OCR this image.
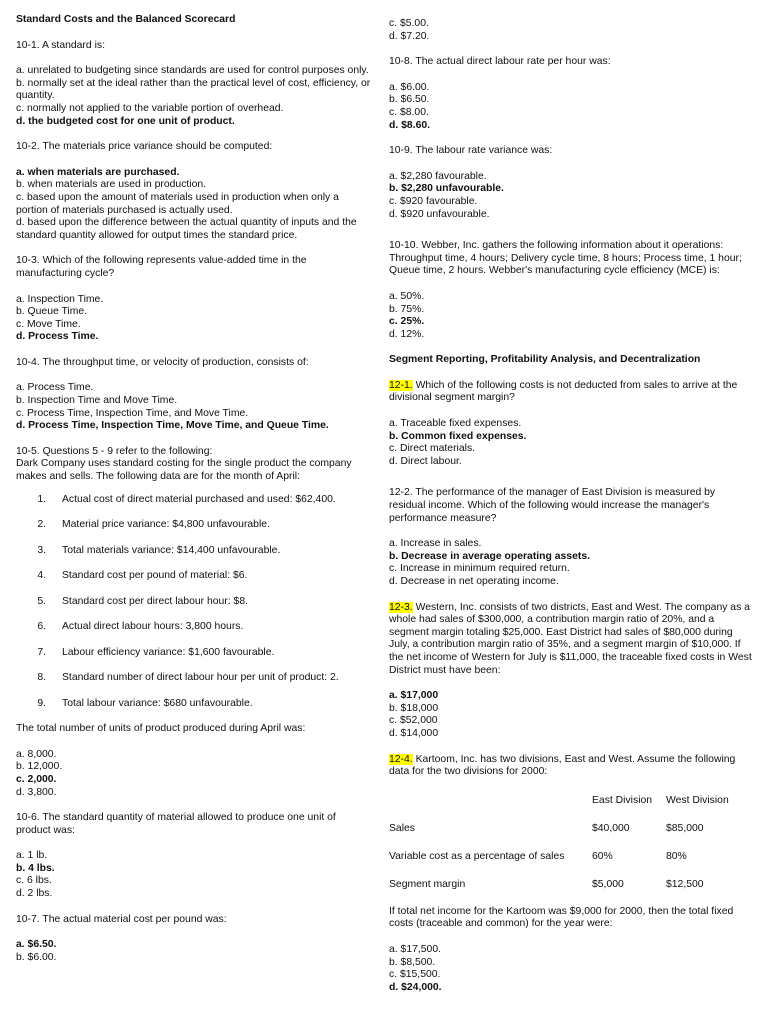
Standard Costs and the Balanced Scorecard

10-1. A standard is:

a. unrelated to budgeting since standards are used for control purposes only.

b. normally set at the ideal rather than the practical level of cost, efficiency, or quantity.

c. normally not applied to the variable portion of overhead.

d. the budgeted cost for one unit of product.

10-2. The materials price variance should be computed:

a. when materials are purchased.

b. when materials are used in production.

c. based upon the amount of materials used in production when only a portion of materials purchased is actually used.

d. based upon the difference between the actual quantity of inputs and the standard quantity allowed for output times the standard price.

10-3. Which of the following represents value-added time in the manufacturing cycle?

a. Inspection Time.

b. Queue Time.

c. Move Time.

d. Process Time.

10-4. The throughput time, or velocity of production, consists of:

a. Process Time.

b. Inspection Time and Move Time.

c. Process Time, Inspection Time, and Move Time.

d. Process Time, Inspection Time, Move Time, and Queue Time.

10-5. Questions 5 - 9 refer to the following:

Dark Company uses standard costing for the single product the company makes and sells. The following data are for the month of April:

1.	Actual cost of direct material purchased and used: $62,400.
2.	Material price variance: $4,800 unfavourable.
3.	Total materials variance: $14,400 unfavourable.
4.	Standard cost per pound of material: $6.
5.	Standard cost per direct labour hour: $8.
6.	Actual direct labour hours: 3,800 hours.
7.	Labour efficiency variance: $1,600 favourable.
8.	Standard number of direct labour hour per unit of product: 2.
9.	Total labour variance: $680 unfavourable.

The total number of units of product produced during April was:

a. 8,000.

b. 12,000.

c. 2,000.

d. 3,800.

10-6. The standard quantity of material allowed to produce one unit of product was:

a. 1 lb.

b. 4 lbs.

c. 6 lbs.

d. 2 lbs.

10-7. The actual material cost per pound was:

a. $6.50.

b. $6.00.

c. $5.00.

d. $7.20.

10-8. The actual direct labour rate per hour was:

a. $6.00.

b. $6.50.

c. $8.00.

d. $8.60.

10-9. The labour rate variance was:

a. $2,280 favourable.

b. $2,280 unfavourable.

c. $920 favourable.

d. $920 unfavourable.

10-10. Webber, Inc. gathers the following information about it operations: Throughput time, 4 hours; Delivery cycle time, 8 hours; Process time, 1 hour; Queue time, 2 hours. Webber's manufacturing cycle efficiency (MCE) is:

a. 50%.

b. 75%.

c. 25%.

d. 12%.

Segment Reporting, Profitability Analysis, and Decentralization

12-1. Which of the following costs is not deducted from sales to arrive at the divisional segment margin?

a. Traceable fixed expenses.

b. Common fixed expenses.

c. Direct materials.

d. Direct labour.

12-2. The performance of the manager of East Division is measured by residual income. Which of the following would increase the manager's performance measure?

a. Increase in sales.

b. Decrease in average operating assets.

c. Increase in minimum required return.

d. Decrease in net operating income.

12-3. Western, Inc. consists of two districts, East and West. The company as a whole had sales of $300,000, a contribution margin ratio of 20%, and a segment margin totaling $25,000. East District had sales of $80,000 during July, a contribution margin ratio of 35%, and a segment margin of $10,000. If the net income of Western for July is $11,000, the traceable fixed costs in West District must have been:

a. $17,000

b. $18,000

c. $52,000

d. $14,000

12-4. Kartoom, Inc. has two divisions, East and West. Assume the following data for the two divisions for 2000:

	East Division	West Division
Sales	$40,000	$85,000
Variable cost as a percentage of sales	60%	80%
Segment margin	$5,000	$12,500

If total net income for the Kartoom was $9,000 for 2000, then the total fixed costs (traceable and common) for the year were:

a. $17,500.

b. $8,500.

c. $15,500.

d. $24,000.
